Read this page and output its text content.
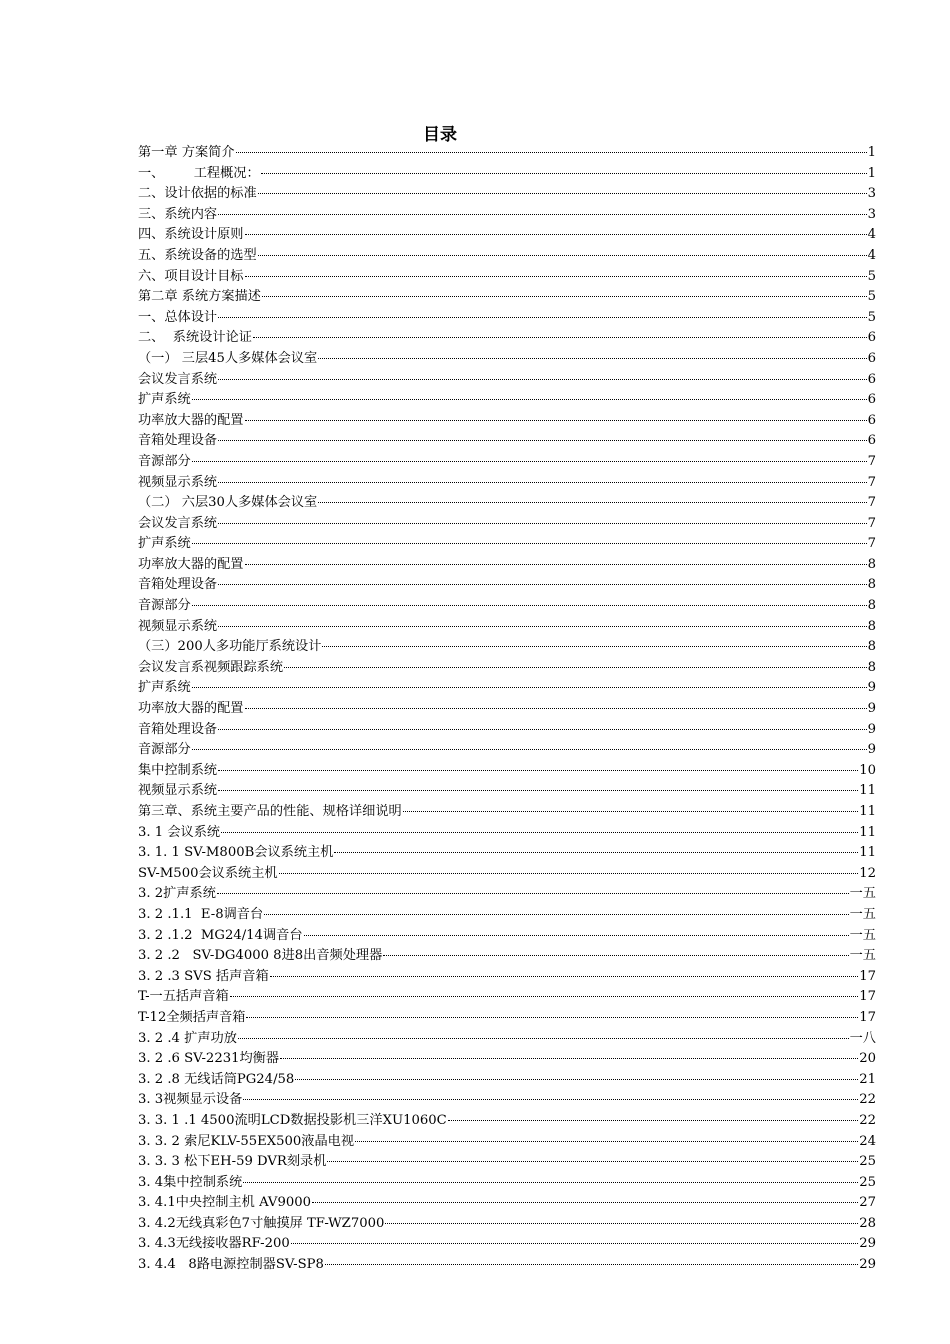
目录
第一章 方案简介	1
一、       工程概况：	1
二、设计依据的标准	3
三、系统内容	3
四、系统设计原则	4
五、系统设备的选型	4
六、项目设计目标	5
第二章 系统方案描述	5
一、总体设计	5
二、  系统设计论证	6
（一） 三层45人多媒体会议室	6
会议发言系统	6
扩声系统	6
功率放大器的配置	6
音箱处理设备	6
音源部分	7
视频显示系统	7
（二） 六层30人多媒体会议室	7
会议发言系统	7
扩声系统	7
功率放大器的配置	8
音箱处理设备	8
音源部分	8
视频显示系统	8
（三）200人多功能厅系统设计	8
会议发言系视频跟踪系统	8
扩声系统	9
功率放大器的配置	9
音箱处理设备	9
音源部分	9
集中控制系统	10
视频显示系统	11
第三章、系统主要产品的性能、规格详细说明	11
3. 1 会议系统	11
3. 1. 1 SV-M800B会议系统主机	11
SV-M500会议系统主机	12
3. 2扩声系统	一五
3. 2 .1.1  E-8调音台	一五
3. 2 .1.2  MG24/14调音台	一五
3. 2 .2   SV-DG4000 8进8出音频处理器	一五
3. 2 .3 SVS 括声音箱	17
T-一五括声音箱	17
T-12全频括声音箱	17
3. 2 .4 扩声功放	一八
3. 2 .6 SV-2231均衡器	20
3. 2 .8 无线话筒PG24/58	21
3. 3视频显示设备	22
3. 3. 1 .1 4500流明LCD数据投影机三洋XU1060C	22
3. 3. 2 索尼KLV-55EX500液晶电视	24
3. 3. 3 松下EH-59 DVR刻录机	25
3. 4集中控制系统	25
3. 4.1中央控制主机 AV9000	27
3. 4.2无线真彩色7寸触摸屏 TF-WZ7000	28
3. 4.3无线接收器RF-200	29
3. 4.4   8路电源控制器SV-SP8	29
